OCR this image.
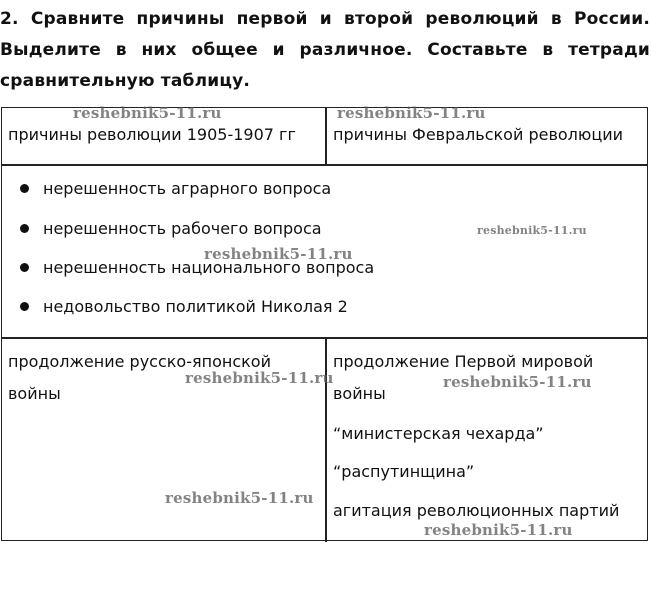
2. Сравните причины первой и второй революций в России.
Выделите в них общее и различное. Составьте в тетради
сравнительную таблицу.
причины революции 1905-1907 гг причины Февральской революции
нерешенность аграрного вопроса
нерешенность рабочего вопроса
нерешенность национального вопроса
недовольство политикой Николая 2
продолжение русско-японской
войны
продолжение Первой мировой
войны
“министерская чехарда”
“распутинщина”
агитация революционных партий
reshebnik5-11.ru	reshebnik5-11.ru
reshebnik5-11.ru
reshebnik5-11.ru
reshebnik5-11.ru	reshebnik5-11.ru
reshebnik5-11.ru
reshebnik5-11.ru
